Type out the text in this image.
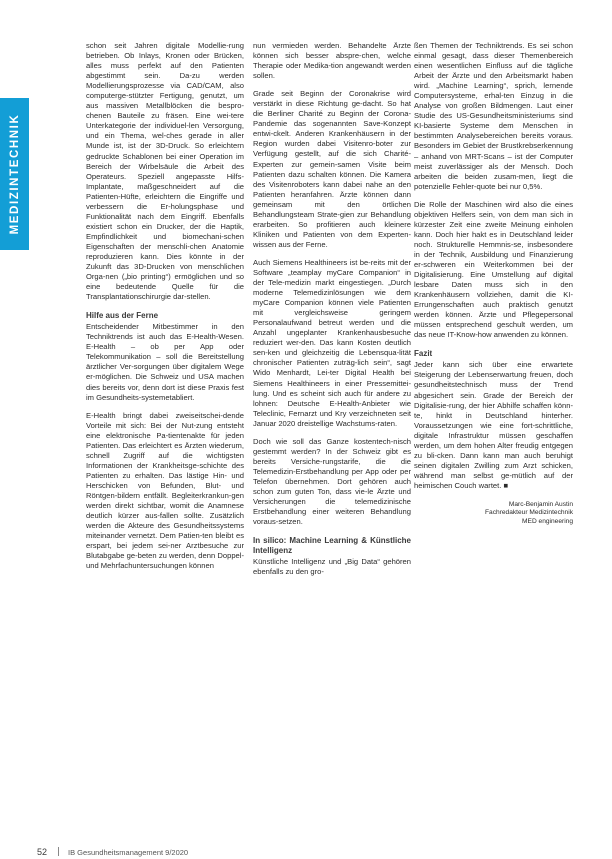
MEDIZINTECHNIK

schon seit Jahren digitale Modellie-rung betrieben. Ob Inlays, Kronen oder Brücken, alles muss perfekt auf den Patienten abgestimmt sein. Da-zu werden Modellierungsprozesse via CAD/CAM, also computerge-stützter Fertigung, genutzt, um aus massiven Metallblöcken die bespro-chenen Bauteile zu fräsen. Eine wei-tere Unterkategorie der individuel-len Versorgung, und ein Thema, wel-ches gerade in aller Munde ist, ist der 3D-Druck. So erleichtern gedruckte Schablonen bei einer Operation im Bereich der Wirbelsäule die Arbeit des Operateurs. Speziell angepasste Hilfs-Implantate, maßgeschneidert auf die Patienten-Hüfte, erleichtern die Eingriffe und verbessern die Er-holungsphase und Funktionalität nach dem Eingriff. Ebenfalls existiert schon ein Drucker, der die Haptik, Empfindlichkeit und biomechani-schen Eigenschaften der menschli-chen Anatomie reproduzieren kann. Dies könnte in der Zukunft das 3D-Drucken von menschlichen Orga-nen („bio printing“) ermöglichen und so eine bedeutende Quelle für die Transplantationschirurgie dar-stellen.

Hilfe aus der Ferne

Entscheidender Mitbestimmer in den Techniktrends ist auch das E-Health-Wesen. E-Health – ob per App oder Telekommunikation – soll die Bereitstellung ärztlicher Ver-sorgungen über digitalem Wege er-möglichen. Die Schweiz und USA machen dies bereits vor, denn dort ist diese Praxis fest im Gesundheits-systemetabliert.

E-Health bringt dabei zweiseitschei-dende Vorteile mit sich: Bei der Nut-zung entsteht eine elektronische Pa-tientenakte für jeden Patienten. Das erleichtert es Ärzten wiederum, schnell Zugriff auf die wichtigsten Informationen der Krankheitsge-schichte des Patienten zu erhalten. Das lästige Hin- und Herschicken von Befunden, Blut- und Röntgen-bildern entfällt. Begleiterkrankun-gen werden direkt sichtbar, womit die Anamnese deutlich kürzer aus-fallen sollte. Zusätzlich werden die Akteure des Gesundheitssystems miteinander vernetzt. Dem Patien-ten bleibt es erspart, bei jedem sei-ner Arztbesuche zur Blutabgabe ge-beten zu werden, denn Doppel- und Mehrfachuntersuchungen können

nun vermieden werden. Behandelte Ärzte können sich besser abspre-chen, welche Therapie oder Medika-tion angewandt werden sollen.

Grade seit Beginn der Coronakrise wird verstärkt in diese Richtung ge-dacht. So hat die Berliner Charité zu Beginn der Corona-Pandemie das sogenannten Save-Konzept entwi-ckelt. Anderen Krankenhäusern in der Region wurden dabei Visitenro-boter zur Verfügung gestellt, auf die sich Charité-Experten zur gemein-samen Visite beim Patienten dazu schalten können. Die Kamera des Visitenroboters kann dabei nahe an den Patienten heranfahren. Ärzte können dann gemeinsam mit den örtlichen Behandlungsteam Strate-gien zur Behandlung erarbeiten. So profitieren auch kleinere Kliniken und Patienten von dem Experten-wissen aus der Ferne.

Auch Siemens Healthineers ist be-reits mit der Software „teamplay myCare Companion“ in der Tele-medizin markt eingestiegen. „Durch moderne Telemedizinlösungen wie dem myCare Companion können viele Patienten mit vergleichsweise geringem Personalaufwand betreut werden und die Anzahl ungeplanter Krankenhausbesuche reduziert wer-den. Das kann Kosten deutlich sen-ken und gleichzeitig die Lebensqua-lität chronischer Patienten zuträg-lich sein“, sagt Wido Menhardt, Lei-ter Digital Health bei Siemens Healthineers in einer Pressemittei-lung. Und es scheint sich auch für andere zu lohnen: Deutsche E-Health-Anbieter wie Teleclinic, Fernarzt und Kry verzeichneten seit Januar 2020 dreistellige Wachstums-raten.

Doch wie soll das Ganze kostentech-nisch gestemmt werden? In der Schweiz gibt es bereits Versiche-rungstarife, die die Telemedizin-Erstbehandlung per App oder per Telefon übernehmen. Dort gehören auch schon zum guten Ton, dass vie-le Ärzte und Versicherungen die telemedizinische Erstbehandlung einer weiteren Behandlung voraus-setzen.

In silico: Machine Learning & Künstliche Intelligenz

Künstliche Intelligenz und „Big Data“ gehören ebenfalls zu den gro-

ßen Themen der Techniktrends. Es sei schon einmal gesagt, dass dieser Themenbereich einen wesentlichen Einfluss auf die tägliche Arbeit der Ärzte und den Arbeitsmarkt haben wird. „Machine Learning“, sprich, lernende Computersysteme, erhal-ten Einzug in die Analyse von großen Bildmengen. Laut einer Studie des US-Gesundheitsministeriums sind KI-basierte Systeme dem Menschen in bestimmten Analysebereichen bereits voraus. Besonders im Gebiet der Brustkrebserkennung – anhand von MRT-Scans – ist der Computer meist zuverlässiger als der Mensch. Doch arbeiten die beiden zusam-men, liegt die potenzielle Fehler-quote bei nur 0,5%.

Die Rolle der Maschinen wird also die eines objektiven Helfers sein, von dem man sich in kürzester Zeit eine zweite Meinung einholen kann. Doch hier hakt es in Deutschland leider noch. Strukturelle Hemmnis-se, insbesondere in der Technik, Ausbildung und Finanzierung er-schweren ein Weiterkommen bei der Digitalisierung. Eine Umstellung auf digital lesbare Daten muss sich in den Krankenhäusern vollziehen, damit die KI-Errungenschaften auch praktisch genutzt werden können. Ärzte und Pflegepersonal müssen entsprechend geschult werden, um das neue IT-Know-how anwenden zu können.

Fazit

Jeder kann sich über eine erwartete Steigerung der Lebenserwartung freuen, doch gesundheitstechnisch muss der Trend abgesichert sein. Grade der Bereich der Digitalisie-rung, der hier Abhilfe schaffen könn-te, hinkt in Deutschland hinterher. Voraussetzungen wie eine fort-schrittliche, digitale Infrastruktur müssen geschaffen werden, um dem hohen Alter freudig entgegen zu bli-cken. Dann kann man auch beruhigt seinen digitalen Zwilling zum Arzt schicken, während man selbst ge-mütlich auf der heimischen Couch wartet. ■

Marc-Benjamin Austin
Fachredakteur Medizintechnik
MED engineering
52	IB Gesundheitsmanagement 9/2020
